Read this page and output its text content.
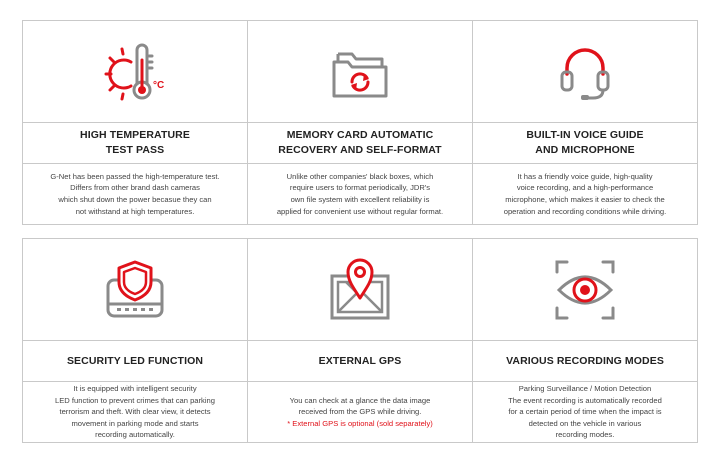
°C
HIGH TEMPERATURE
TEST PASS
G-Net has been passed the high-temperature test.
Differs from other brand dash cameras
which shut down the power becasue they can
not withstand at high temperatures.
MEMORY CARD AUTOMATIC
RECOVERY AND SELF-FORMAT
Unlike other companies' black boxes, which
require users to format periodically, JDR's
own file system with excellent reliability is
applied for convenient use without regular format.
BUILT-IN VOICE GUIDE
AND MICROPHONE
It has a friendly voice guide, high-quality
voice recording, and a high-performance
microphone, which makes it easier to check the
operation and recording conditions while driving.
SECURITY LED FUNCTION
It is equipped with intelligent security
LED function to prevent crimes that can parking
terrorism and theft. With clear view, it detects
movement in parking mode and starts
recording automatically.
EXTERNAL GPS
You can check at a glance the data image
received from the GPS while driving.
* External GPS is optional (sold separately)
VARIOUS RECORDING MODES
Parking Surveillance / Motion Detection
The event recording is automatically recorded
for a certain period of time when the impact is
detected on the vehicle in various
recording modes.
